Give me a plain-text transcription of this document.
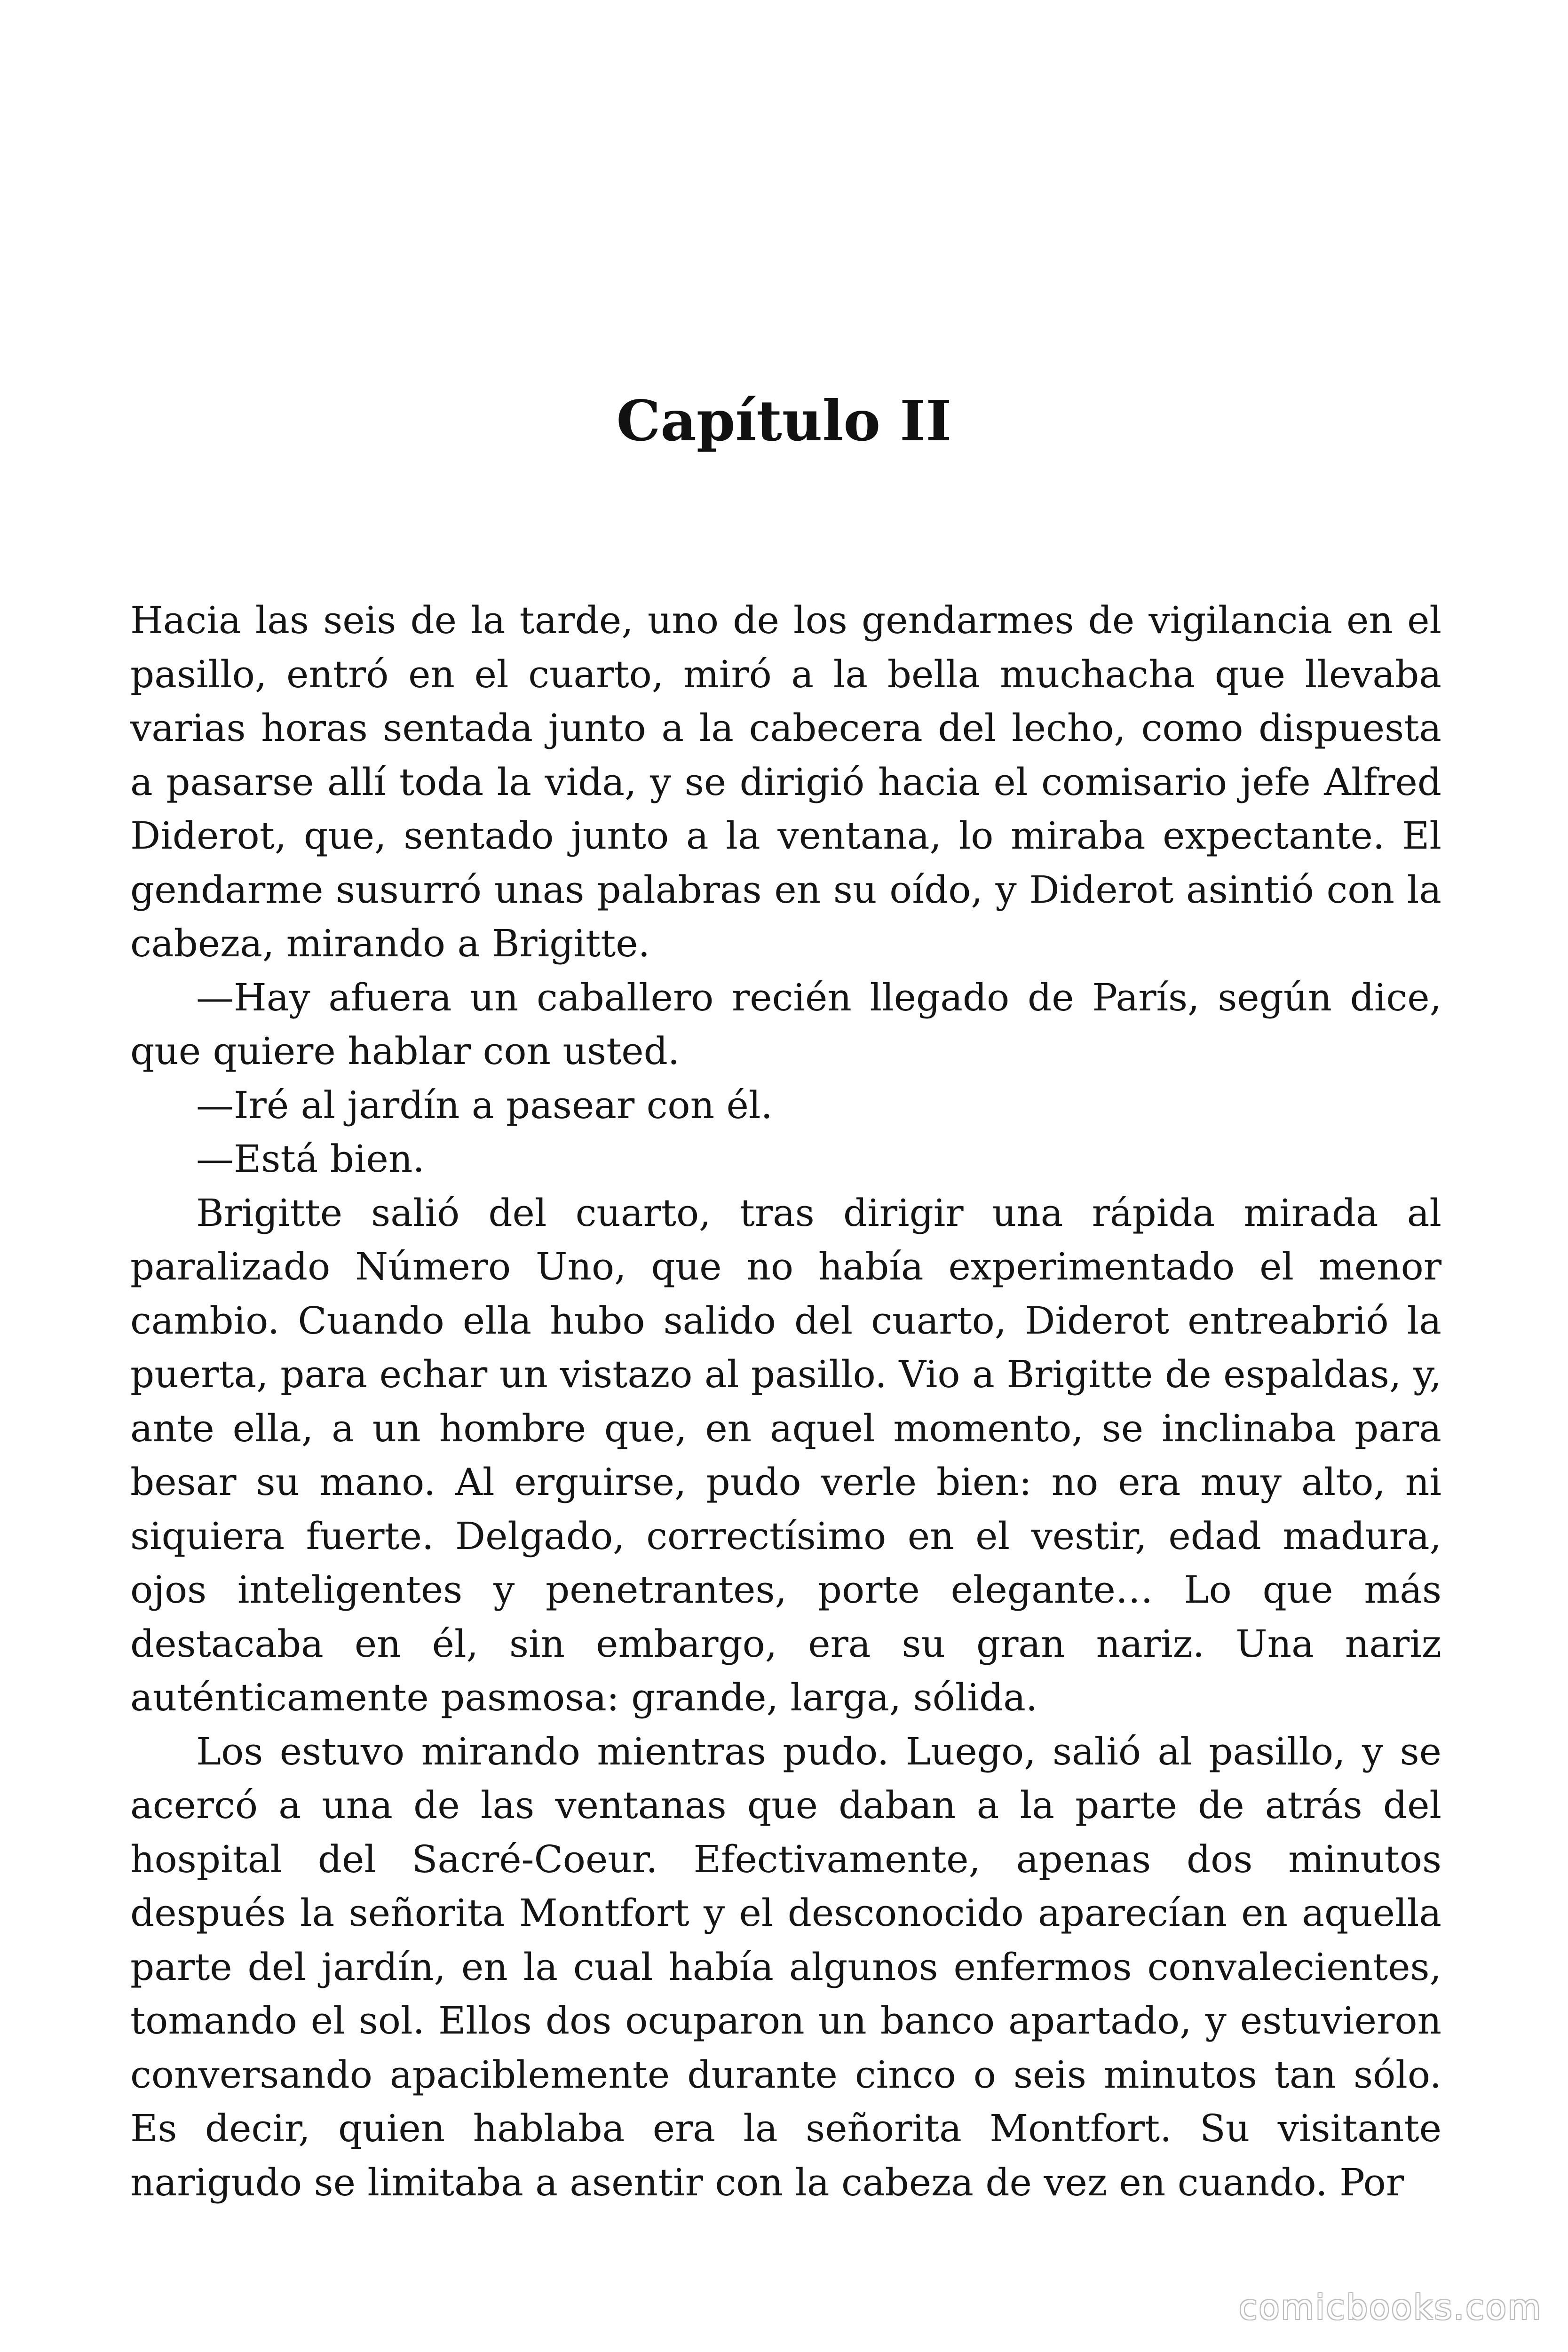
Capítulo II

Hacia las seis de la tarde, uno de los gendarmes de vigilancia en el pasillo, entró en el cuarto, miró a la bella muchacha que llevaba varias horas sentada junto a la cabecera del lecho, como dispuesta a pasarse allí toda la vida, y se dirigió hacia el comisario jefe Alfred Diderot, que, sentado junto a la ventana, lo miraba expectante. El gendarme susurró unas palabras en su oído, y Diderot asintió con la cabeza, mirando a Brigitte.

—Hay afuera un caballero recién llegado de París, según dice, que quiere hablar con usted.

—Iré al jardín a pasear con él.

—Está bien.

Brigitte salió del cuarto, tras dirigir una rápida mirada al paralizado Número Uno, que no había experimentado el menor cambio. Cuando ella hubo salido del cuarto, Diderot entreabrió la puerta, para echar un vistazo al pasillo. Vio a Brigitte de espaldas, y, ante ella, a un hombre que, en aquel momento, se inclinaba para besar su mano. Al erguirse, pudo verle bien: no era muy alto, ni siquiera fuerte. Delgado, correctísimo en el vestir, edad madura, ojos inteligentes y penetrantes, porte elegante… Lo que más destacaba en él, sin embargo, era su gran nariz. Una nariz auténticamente pasmosa: grande, larga, sólida.

Los estuvo mirando mientras pudo. Luego, salió al pasillo, y se acercó a una de las ventanas que daban a la parte de atrás del hospital del Sacré-Coeur. Efectivamente, apenas dos minutos después la señorita Montfort y el desconocido aparecían en aquella parte del jardín, en la cual había algunos enfermos convalecientes, tomando el sol. Ellos dos ocuparon un banco apartado, y estuvieron conversando apaciblemente durante cinco o seis minutos tan sólo. Es decir, quien hablaba era la señorita Montfort. Su visitante narigudo se limitaba a asentir con la cabeza de vez en cuando. Por

comicbooks.com
